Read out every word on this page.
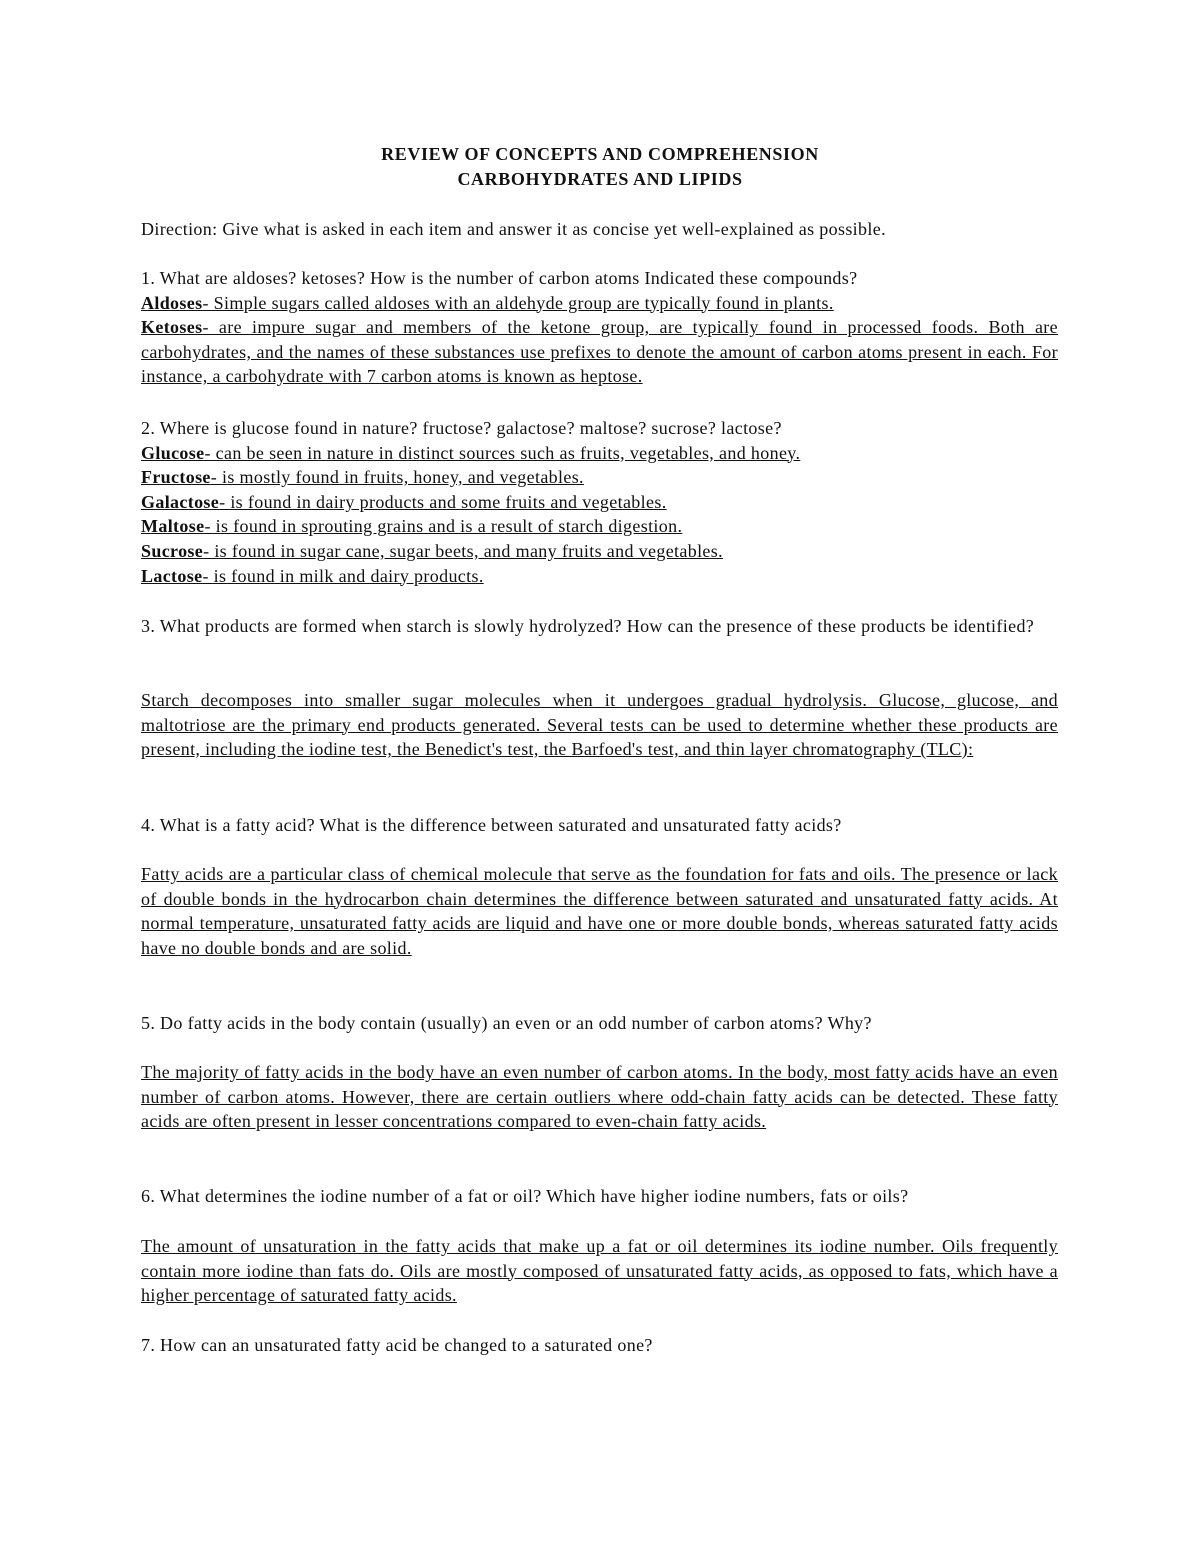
REVIEW OF CONCEPTS AND COMPREHENSION
CARBOHYDRATES AND LIPIDS
Direction: Give what is asked in each item and answer it as concise yet well-explained as possible.
1. What are aldoses? ketoses? How is the number of carbon atoms Indicated these compounds?
Aldoses- Simple sugars called aldoses with an aldehyde group are typically found in plants.
Ketoses- are impure sugar and members of the ketone group, are typically found in processed foods. Both are carbohydrates, and the names of these substances use prefixes to denote the amount of carbon atoms present in each. For instance, a carbohydrate with 7 carbon atoms is known as heptose.
2. Where is glucose found in nature? fructose? galactose? maltose? sucrose? lactose?
Glucose- can be seen in nature in distinct sources such as fruits, vegetables, and honey.
Fructose- is mostly found in fruits, honey, and vegetables.
Galactose- is found in dairy products and some fruits and vegetables.
Maltose- is found in sprouting grains and is a result of starch digestion.
Sucrose- is found in sugar cane, sugar beets, and many fruits and vegetables.
Lactose- is found in milk and dairy products.
3. What products are formed when starch is slowly hydrolyzed? How can the presence of these products be identified?
Starch decomposes into smaller sugar molecules when it undergoes gradual hydrolysis. Glucose, glucose, and maltotriose are the primary end products generated. Several tests can be used to determine whether these products are present, including the iodine test, the Benedict's test, the Barfoed's test, and thin layer chromatography (TLC):
4. What is a fatty acid? What is the difference between saturated and unsaturated fatty acids?
Fatty acids are a particular class of chemical molecule that serve as the foundation for fats and oils. The presence or lack of double bonds in the hydrocarbon chain determines the difference between saturated and unsaturated fatty acids. At normal temperature, unsaturated fatty acids are liquid and have one or more double bonds, whereas saturated fatty acids have no double bonds and are solid.
5. Do fatty acids in the body contain (usually) an even or an odd number of carbon atoms? Why?
The majority of fatty acids in the body have an even number of carbon atoms. In the body, most fatty acids have an even number of carbon atoms. However, there are certain outliers where odd-chain fatty acids can be detected. These fatty acids are often present in lesser concentrations compared to even-chain fatty acids.
6. What determines the iodine number of a fat or oil? Which have higher iodine numbers, fats or oils?
The amount of unsaturation in the fatty acids that make up a fat or oil determines its iodine number. Oils frequently contain more iodine than fats do. Oils are mostly composed of unsaturated fatty acids, as opposed to fats, which have a higher percentage of saturated fatty acids.
7. How can an unsaturated fatty acid be changed to a saturated one?
